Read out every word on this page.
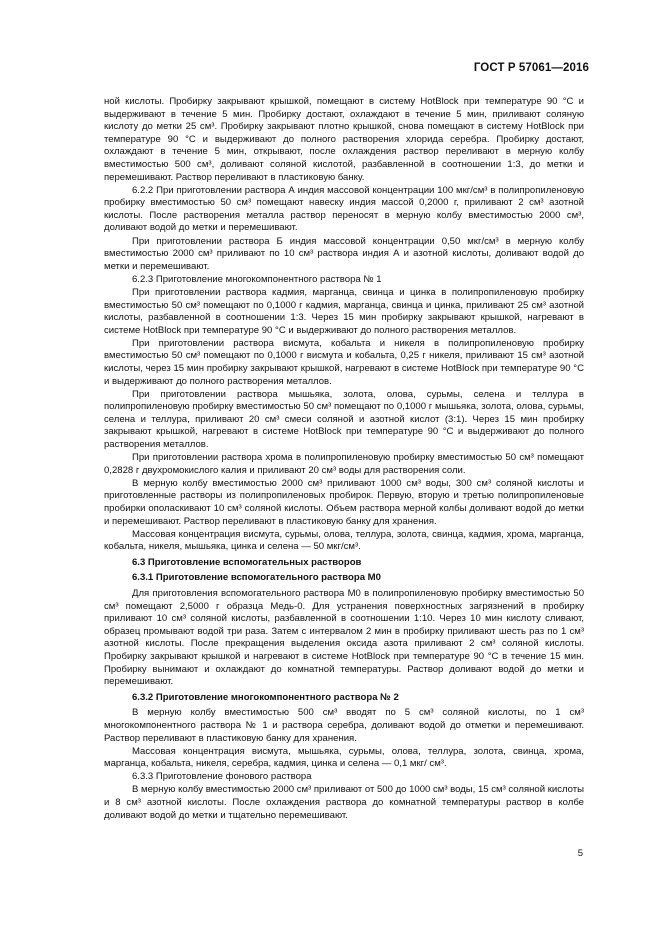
ГОСТ Р 57061—2016

ной кислоты. Пробирку закрывают крышкой, помещают в систему HotBlock при температуре 90 °С и выдерживают в течение 5 мин. Пробирку достают, охлаждают в течение 5 мин, приливают соляную кислоту до метки 25 см³. Пробирку закрывают плотно крышкой, снова помещают в систему HotBlock при температуре 90 °С и выдерживают до полного растворения хлорида серебра. Пробирку достают, охлаждают в течение 5 мин, открывают, после охлаждения раствор переливают в мерную колбу вместимостью 500 см³, доливают соляной кислотой, разбавленной в соотношении 1:3, до метки и перемешивают. Раствор переливают в пластиковую банку.

6.2.2 При приготовлении раствора А индия массовой концентрации 100 мкг/см³ в полипропиленовую пробирку вместимостью 50 см³ помещают навеску индия массой 0,2000 г, приливают 2 см³ азотной кислоты. После растворения металла раствор переносят в мерную колбу вместимостью 2000 см³, доливают водой до метки и перемешивают.

При приготовлении раствора Б индия массовой концентрации 0,50 мкг/см³ в мерную колбу вместимостью 2000 см³ приливают по 10 см³ раствора индия А и азотной кислоты, доливают водой до метки и перемешивают.

6.2.3 Приготовление многокомпонентного раствора № 1

При приготовлении раствора кадмия, марганца, свинца и цинка в полипропиленовую пробирку вместимостью 50 см³ помещают по 0,1000 г кадмия, марганца, свинца и цинка, приливают 25 см³ азотной кислоты, разбавленной в соотношении 1:3. Через 15 мин пробирку закрывают крышкой, нагревают в системе HotBlock при температуре 90 °С и выдерживают до полного растворения металлов.

При приготовлении раствора висмута, кобальта и никеля в полипропиленовую пробирку вместимостью 50 см³ помещают по 0,1000 г висмута и кобальта, 0,25 г никеля, приливают 15 см³ азотной кислоты, через 15 мин пробирку закрывают крышкой, нагревают в системе HotBlock при температуре 90 °С и выдерживают до полного растворения металлов.

При приготовлении раствора мышьяка, золота, олова, сурьмы, селена и теллура в полипропиленовую пробирку вместимостью 50 см³ помещают по 0,1000 г мышьяка, золота, олова, сурьмы, селена и теллура, приливают 20 см³ смеси соляной и азотной кислот (3:1). Через 15 мин пробирку закрывают крышкой, нагревают в системе HotBlock при температуре 90 °С и выдерживают до полного растворения металлов.

При приготовлении раствора хрома в полипропиленовую пробирку вместимостью 50 см³ помещают 0,2828 г двухромокислого калия и приливают 20 см³ воды для растворения соли.

В мерную колбу вместимостью 2000 см³ приливают 1000 см³ воды, 300 см³ соляной кислоты и приготовленные растворы из полипропиленовых пробирок. Первую, вторую и третью полипропиленовые пробирки ополаскивают 10 см³ соляной кислоты. Объем раствора мерной колбы доливают водой до метки и перемешивают. Раствор переливают в пластиковую банку для хранения.

Массовая концентрация висмута, сурьмы, олова, теллура, золота, свинца, кадмия, хрома, марганца, кобальта, никеля, мышьяка, цинка и селена — 50 мкг/см³.

6.3 Приготовление вспомогательных растворов

6.3.1 Приготовление вспомогательного раствора М0

Для приготовления вспомогательного раствора М0 в полипропиленовую пробирку вместимостью 50 см³ помещают 2,5000 г образца Медь-0. Для устранения поверхностных загрязнений в пробирку приливают 10 см³ соляной кислоты, разбавленной в соотношении 1:10. Через 10 мин кислоту сливают, образец промывают водой три раза. Затем с интервалом 2 мин в пробирку приливают шесть раз по 1 см³ азотной кислоты. После прекращения выделения оксида азота приливают 2 см³ соляной кислоты. Пробирку закрывают крышкой и нагревают в системе HotBlock при температуре 90 °С в течение 15 мин. Пробирку вынимают и охлаждают до комнатной температуры. Раствор доливают водой до метки и перемешивают.

6.3.2 Приготовление многокомпонентного раствора № 2

В мерную колбу вместимостью 500 см³ вводят по 5 см³ соляной кислоты, по 1 см³ многокомпонентного раствора № 1 и раствора серебра, доливают водой до отметки и перемешивают. Раствор переливают в пластиковую банку для хранения.

Массовая концентрация висмута, мышьяка, сурьмы, олова, теллура, золота, свинца, хрома, марганца, кобальта, никеля, серебра, кадмия, цинка и селена — 0,1 мкг/ см³.

6.3.3 Приготовление фонового раствора

В мерную колбу вместимостью 2000 см³ приливают от 500 до 1000 см³ воды, 15 см³ соляной кислоты и 8 см³ азотной кислоты. После охлаждения раствора до комнатной температуры раствор в колбе доливают водой до метки и тщательно перемешивают.

5
